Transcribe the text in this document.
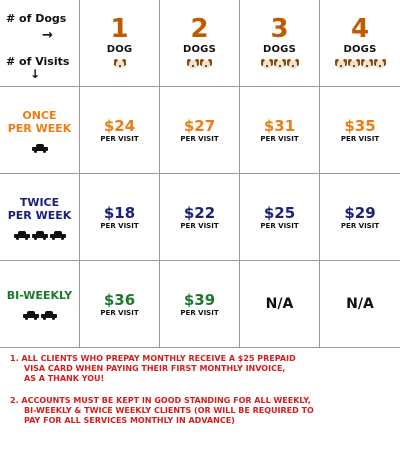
# of Dogs
→
# of Visits
↓
1
DOG
2
DOGS
3
DOGS
4
DOGS
ONCE
PER WEEK $24
PER VISIT
$27
PER VISIT
$31
PER VISIT
$35
PER VISIT
TWICE
PER WEEK $18
PER VISIT
$22
PER VISIT
$25
PER VISIT
$29
PER VISIT
BI-WEEKLY $36
PER VISIT
$39
PER VISIT
N/A	N/A
1. ALL CLIENTS WHO PREPAY MONTHLY RECEIVE A $25 PREPAID
VISA CARD WHEN PAYING THEIR FIRST MONTHLY INVOICE,
AS A THANK YOU!
2. ACCOUNTS MUST BE KEPT IN GOOD STANDING FOR ALL WEEKLY,
BI-WEEKLY & TWICE WEEKLY CLIENTS (OR WILL BE REQUIRED TO
PAY FOR ALL SERVICES MONTHLY IN ADVANCE)
